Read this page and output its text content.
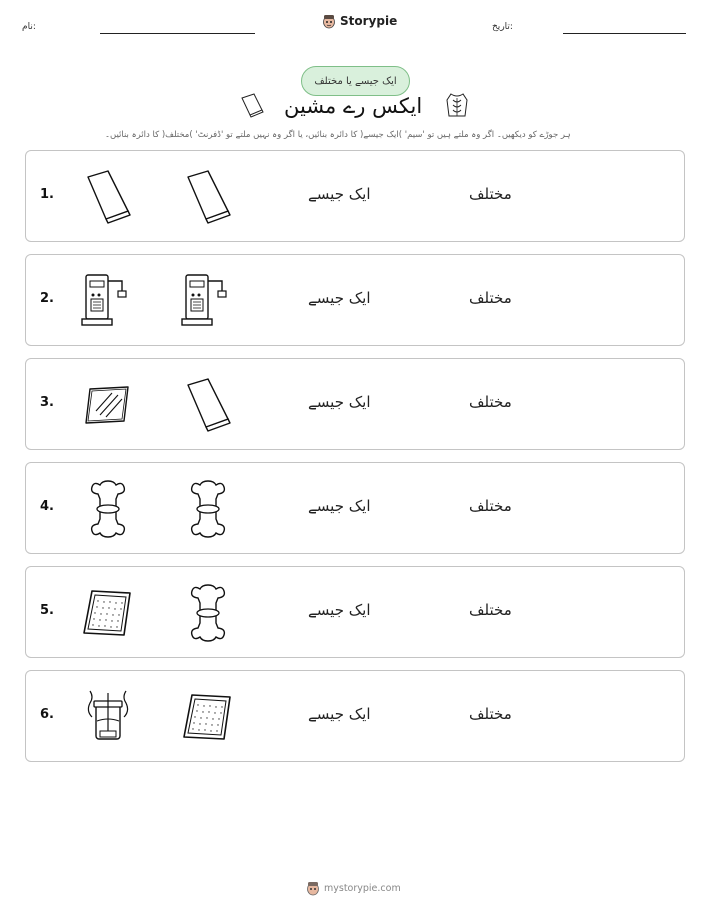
نام:	Storypie	تاریخ:
ایک جیسے یا مختلف
ایکس رے مشین
ہر جوڑے کو دیکھیں۔ اگر وہ ملتے ہیں تو 'سیم' )ایک جیسے( کا دائرہ بنائیں، یا اگر وہ نہیں ملتے تو 'ڈفرنٹ' )مختلف( کا دائرہ بنائیں۔
1.	ایک جیسے	مختلف
2.	ایک جیسے	مختلف
3.	ایک جیسے	مختلف
4.	ایک جیسے	مختلف
5.	ایک جیسے	مختلف
6.	ایک جیسے	مختلف
mystorypie.com
